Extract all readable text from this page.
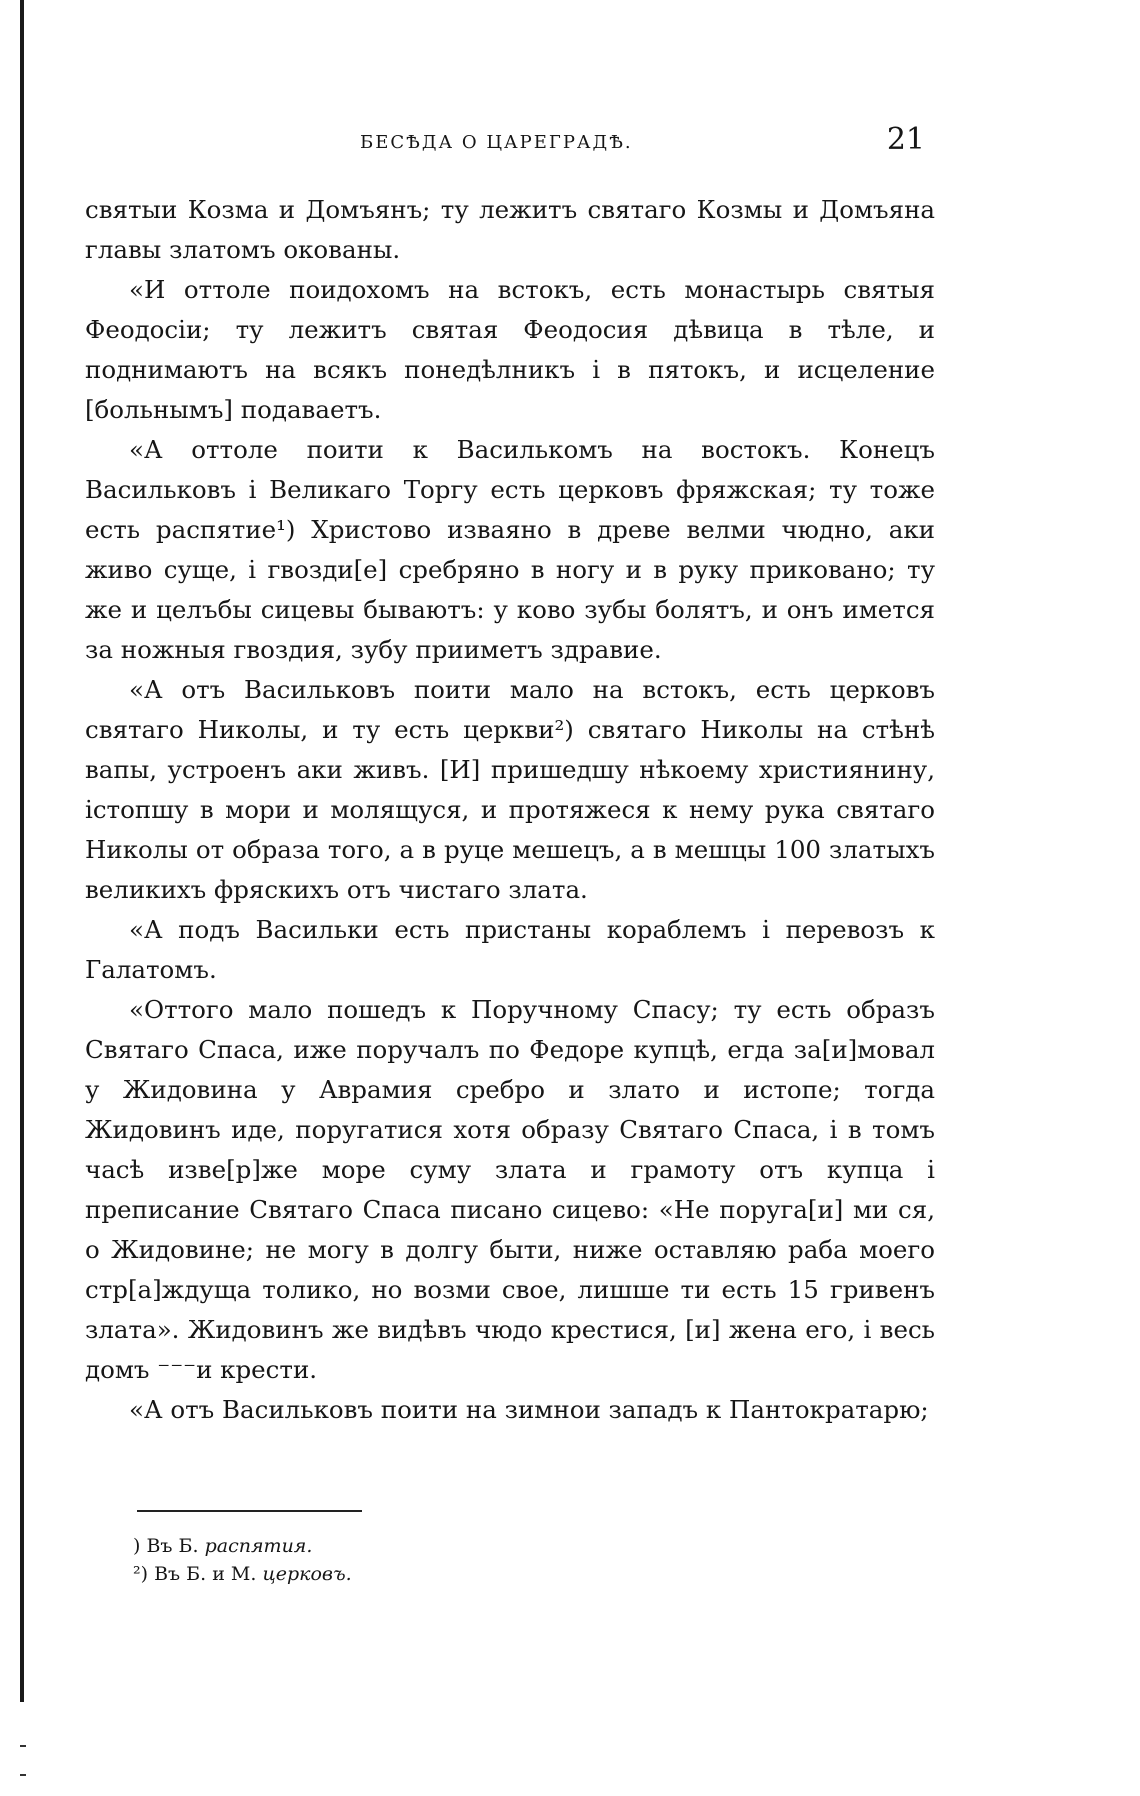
БЕСѢДА О ЦАРЕГРАДѢ.	21

святыи Козма и Домъянъ; ту лежитъ святаго Козмы и Домъяна главы златомъ окованы.

«И оттоле поидохомъ на встокъ, есть монастырь святыя Феодосіи; ту лежитъ святая Феодосия дѣвица в тѣле, и поднимаютъ на всякъ понедѣлникъ і в пятокъ, и исцеление [больнымъ] подаваетъ.

«А оттоле поити к Василькомъ на востокъ. Конецъ Васильковъ і Великаго Торгу есть церковъ фряжская; ту тоже есть распятие¹) Христово изваяно в древе велми чюдно, аки живо суще, і гвозди[е] сребряно в ногу и в руку приковано; ту же и целъбы сицевы бываютъ: у ково зубы болятъ, и онъ имется за ножныя гвоздия, зубу прииметъ здравие.

«А отъ Васильковъ поити мало на встокъ, есть церковъ святаго Николы, и ту есть церкви²) святаго Николы на стѣнѣ вапы, устроенъ аки живъ. [И] пришедшу нѣкоему християнину, істопшу в мори и молящуся, и протяжеся к нему рука святаго Николы от образа того, а в руце мешецъ, а в мешцы 100 златыхъ великихъ фряскихъ отъ чистаго злата.

«А подъ Васильки есть пристаны кораблемъ і перевозъ к Галатомъ.

«Оттого мало пошедъ к Поручному Спасу; ту есть образъ Святаго Спаса, иже поручалъ по Федоре купцѣ, егда за[и]мовал у Жидовина у Аврамия сребро и злато и истопе; тогда Жидовинъ иде, поругатися хотя образу Святаго Спаса, і в томъ часѣ изве[р]же море суму злата и грамоту отъ купца і преписание Святаго Спаса писано сицево: «Не поруга[и] ми ся, о Жидовине; не могу в долгу быти, ниже оставляю раба моего стр[а]ждуща толико, но возми свое, лишше ти есть 15 гривенъ злата». Жидовинъ же видѣвъ чюдо крестися, [и] жена его, і весь домъ ⁻⁻⁻и крести.

«А отъ Васильковъ поити на зимнои западъ к Пантократарю;

) Въ Б. распятия.
²) Въ Б. и М. церковъ.
